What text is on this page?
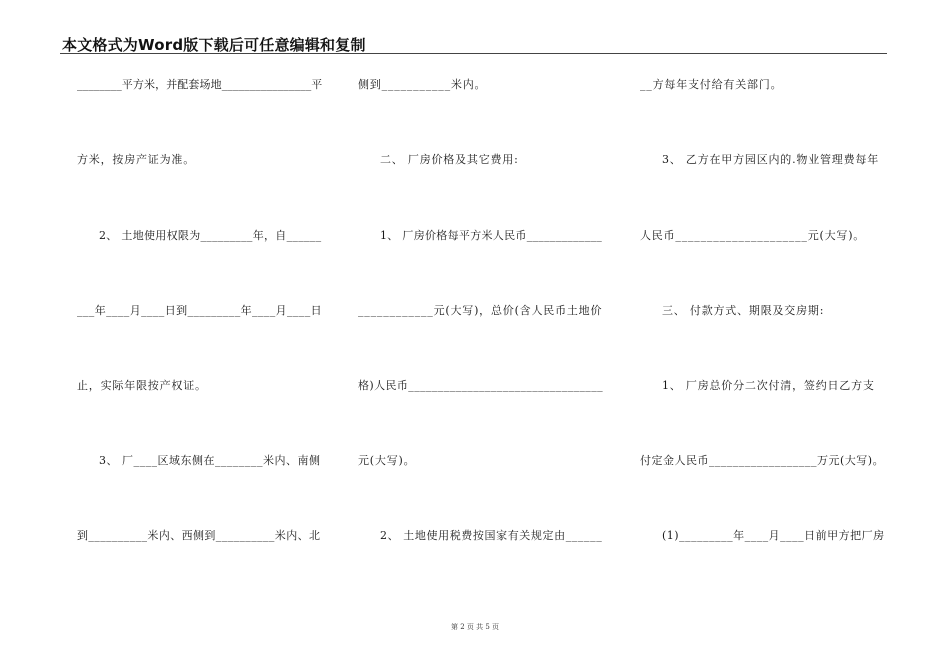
本文格式为Word版下载后可任意编辑和复制
________平方米，并配套场地________________平
方米，按房产证为准。
2、 土地使用权限为_________年，自______
___年____月____日到_________年____月____日
止，实际年限按产权证。
3、 厂____区域东侧在________米内、南侧
到__________米内、西侧到__________米内、北
侧到___________米内。
二、 厂房价格及其它费用:
1、 厂房价格每平方米人民币_____________
____________元(大写)，总价(含人民币土地价
格)人民币_________________________________
元(大写)。
2、 土地使用税费按国家有关规定由______
__方每年支付给有关部门。
3、 乙方在甲方园区内的.物业管理费每年
人民币_____________________元(大写)。
三、 付款方式、期限及交房期:
1、 厂房总价分二次付清，签约日乙方支
付定金人民币__________________万元(大写)。
(1)_________年____月____日前甲方把厂房
第 2 页 共 5 页
